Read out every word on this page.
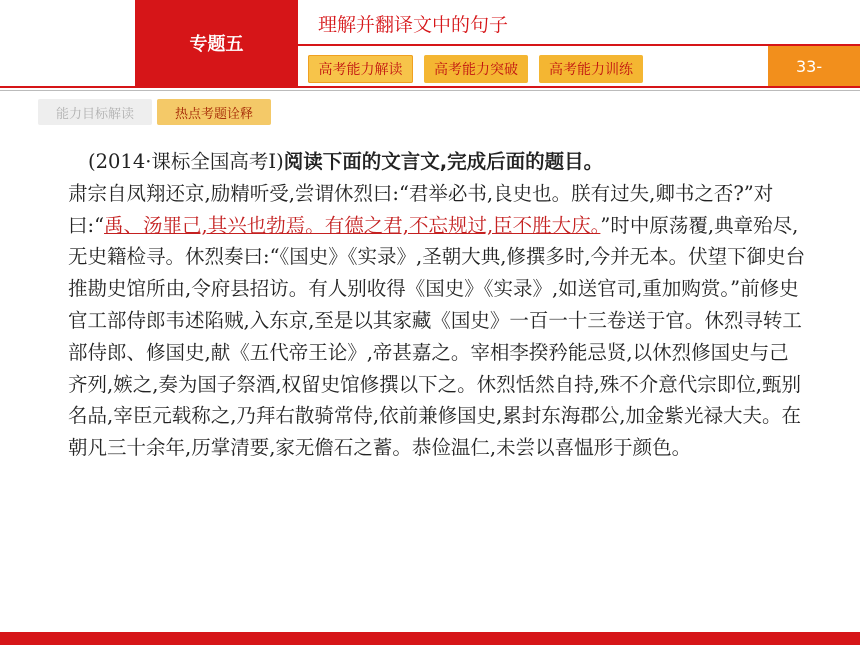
专题五
理解并翻译文中的句子
高考能力解读	高考能力突破	高考能力训练	33-
能力目标解读	热点考题诠释

(2014·课标全国高考Ⅰ)阅读下面的文言文,完成后面的题目。

肃宗自凤翔还京,励精听受,尝谓休烈曰:“君举必书,良史也。朕有过失,卿书之否?”对曰:“禹、汤罪己,其兴也勃焉。有德之君,不忘规过,臣不胜大庆。”时中原荡覆,典章殆尽,无史籍检寻。休烈奏曰:“《国史》《实录》,圣朝大典,修撰多时,今并无本。伏望下御史台推勘史馆所由,令府县招访。有人别收得《国史》《实录》,如送官司,重加购赏。”前修史官工部侍郎韦述陷贼,入东京,至是以其家藏《国史》一百一十三卷送于官。休烈寻转工部侍郎、修国史,献《五代帝王论》,帝甚嘉之。宰相李揆矜能忌贤,以休烈修国史与己齐列,嫉之,奏为国子祭酒,权留史馆修撰以下之。休烈恬然自持,殊不介意代宗即位,甄别名品,宰臣元载称之,乃拜右散骑常侍,依前兼修国史,累封东海郡公,加金紫光禄大夫。在朝凡三十余年,历掌清要,家无儋石之蓄。恭俭温仁,未尝以喜愠形于颜色。
